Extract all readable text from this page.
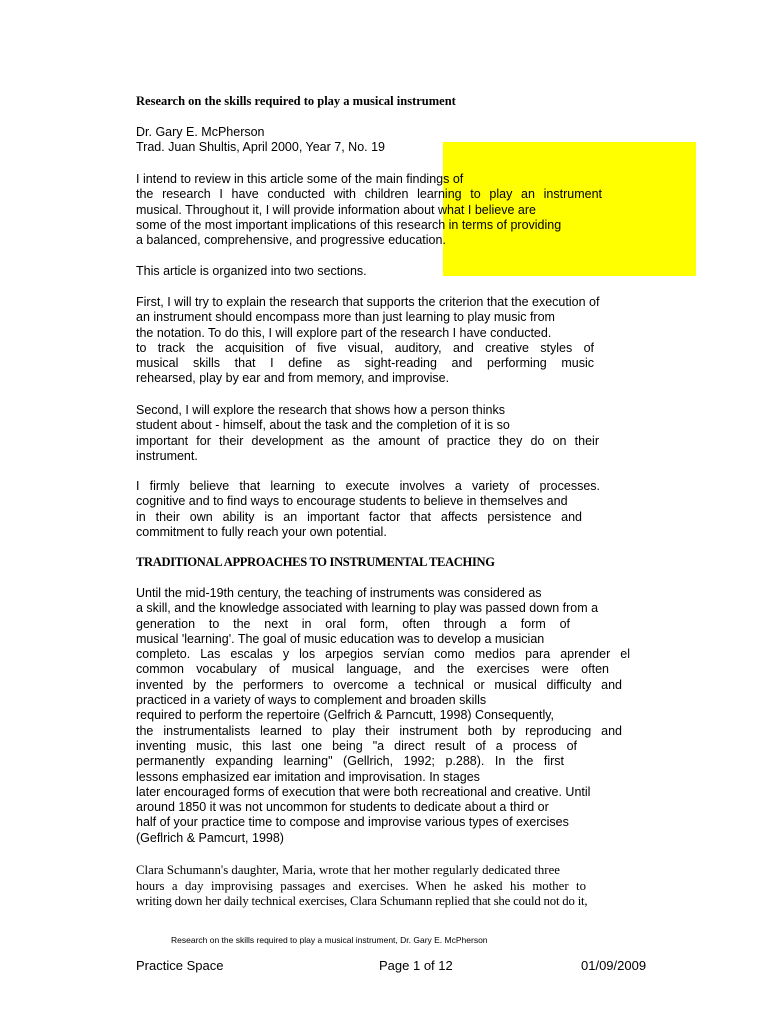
Research on the skills required to play a musical instrument
Dr. Gary E. McPherson
Trad. Juan Shultis, April 2000, Year 7, No. 19
I intend to review in this article some of the main findings of
the research I have conducted with children learning to play an instrument
musical. Throughout it, I will provide information about what I believe are
some of the most important implications of this research in terms of providing
a balanced, comprehensive, and progressive education.
This article is organized into two sections.
First, I will try to explain the research that supports the criterion that the execution of
an instrument should encompass more than just learning to play music from
the notation. To do this, I will explore part of the research I have conducted.
to track the acquisition of five visual, auditory, and creative styles of
musical skills that I define as sight-reading and performing music
rehearsed, play by ear and from memory, and improvise.
Second, I will explore the research that shows how a person thinks
student about - himself, about the task and the completion of it is so
important for their development as the amount of practice they do on their
instrument.
I firmly believe that learning to execute involves a variety of processes.
cognitive and to find ways to encourage students to believe in themselves and
in their own ability is an important factor that affects persistence and
commitment to fully reach your own potential.
TRADITIONAL APPROACHES TO INSTRUMENTAL TEACHING
Until the mid-19th century, the teaching of instruments was considered as
a skill, and the knowledge associated with learning to play was passed down from a
generation to the next in oral form, often through a form of
musical 'learning'. The goal of music education was to develop a musician
completo. Las escalas y los arpegios servían como medios para aprender el
common vocabulary of musical language, and the exercises were often
invented by the performers to overcome a technical or musical difficulty and
practiced in a variety of ways to complement and broaden skills
required to perform the repertoire (Gelfrich & Parncutt, 1998) Consequently,
the instrumentalists learned to play their instrument both by reproducing and
inventing music, this last one being "a direct result of a process of
permanently expanding learning" (Gellrich, 1992; p.288). In the first
lessons emphasized ear imitation and improvisation. In stages
later encouraged forms of execution that were both recreational and creative. Until
around 1850 it was not uncommon for students to dedicate about a third or
half of your practice time to compose and improvise various types of exercises
(Geflrich & Pamcurt, 1998)
Clara Schumann's daughter, Maria, wrote that her mother regularly dedicated three
hours a day improvising passages and exercises. When he asked his mother to
writing down her daily technical exercises, Clara Schumann replied that she could not do it,
Research on the skills required to play a musical instrument, Dr. Gary E. McPherson
Practice Space	Page 1 of 12	01/09/2009
